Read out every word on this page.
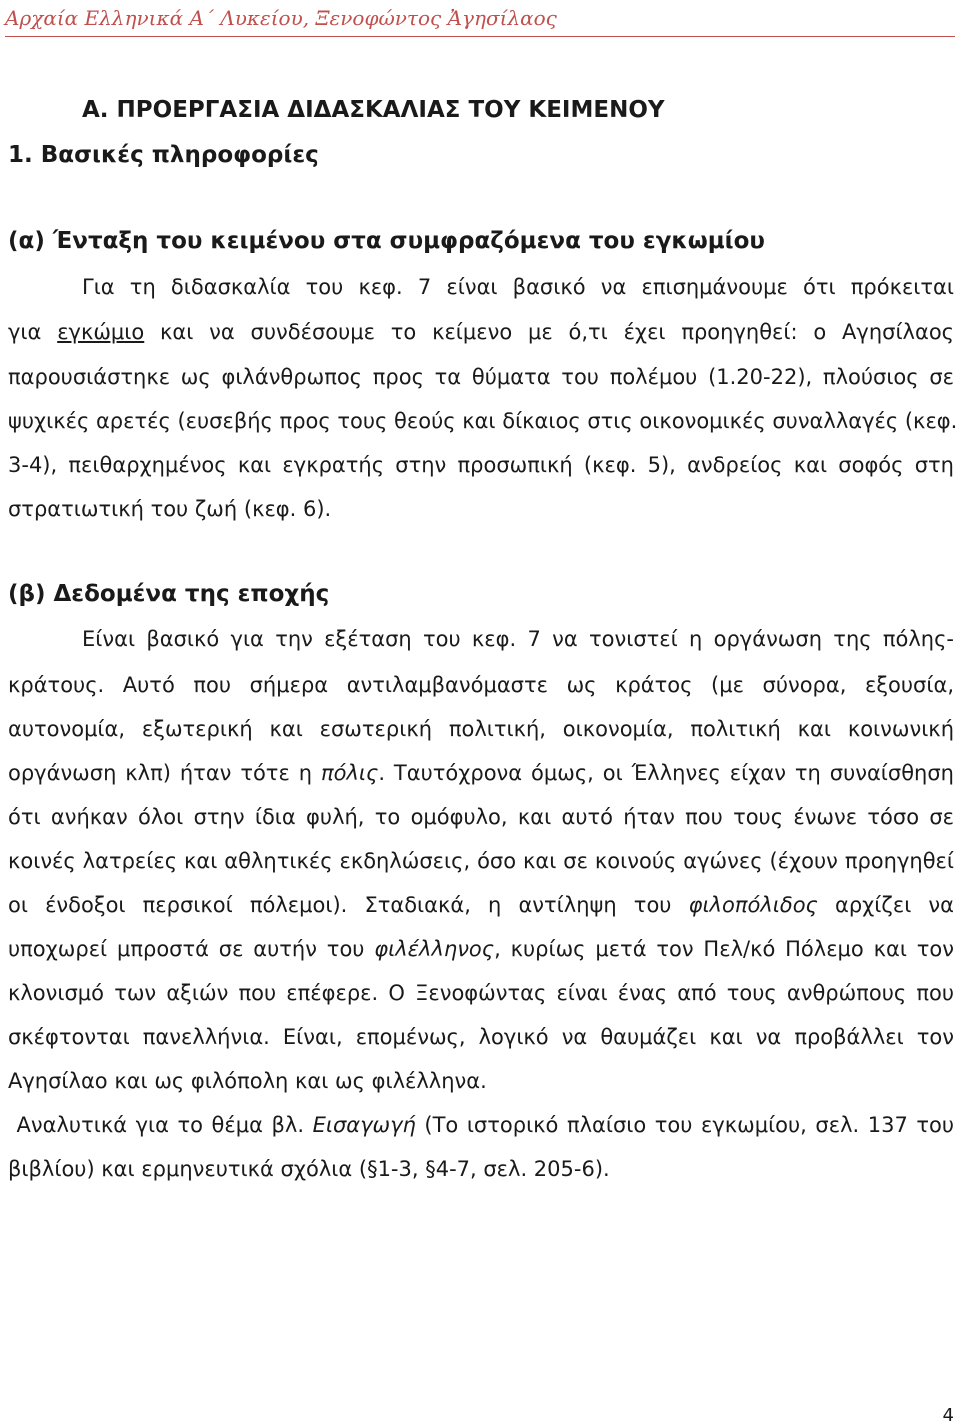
Αρχαία Ελληνικά Α΄ Λυκείου, Ξενοφώντος Ἀγησίλαος
Α. ΠΡΟΕΡΓΑΣΙΑ ΔΙΔΑΣΚΑΛΙΑΣ ΤΟΥ ΚΕΙΜΕΝΟΥ
1. Βασικές πληροφορίες
(α) Ένταξη του κειμένου στα συμφραζόμενα του εγκωμίου
Για τη διδασκαλία του κεφ. 7 είναι βασικό να επισημάνουμε ότι πρόκειται
για εγκώμιο και να συνδέσουμε το κείμενο με ό,τι έχει προηγηθεί: ο Αγησίλαος
παρουσιάστηκε ως φιλάνθρωπος προς τα θύματα του πολέμου (1.20-22), πλούσιος σε
ψυχικές αρετές (ευσεβής προς τους θεούς και δίκαιος στις οικονομικές συναλλαγές (κεφ.
3-4), πειθαρχημένος και εγκρατής στην προσωπική (κεφ. 5), ανδρείος και σοφός στη
στρατιωτική του ζωή (κεφ. 6).
(β) Δεδομένα της εποχής
Είναι βασικό για την εξέταση του κεφ. 7 να τονιστεί η οργάνωση της πόλης-
κράτους. Αυτό που σήμερα αντιλαμβανόμαστε ως κράτος (με σύνορα, εξουσία,
αυτονομία, εξωτερική και εσωτερική πολιτική, οικονομία, πολιτική και κοινωνική
οργάνωση κλπ) ήταν τότε η πόλις. Ταυτόχρονα όμως, οι Έλληνες είχαν τη συναίσθηση
ότι ανήκαν όλοι στην ίδια φυλή, το ομόφυλο, και αυτό ήταν που τους ένωνε τόσο σε
κοινές λατρείες και αθλητικές εκδηλώσεις, όσο και σε κοινούς αγώνες (έχουν προηγηθεί
οι ένδοξοι περσικοί πόλεμοι). Σταδιακά, η αντίληψη του φιλοπόλιδος αρχίζει να
υποχωρεί μπροστά σε αυτήν του φιλέλληνος, κυρίως μετά τον Πελ/κό Πόλεμο και τον
κλονισμό των αξιών που επέφερε. Ο Ξενοφώντας είναι ένας από τους ανθρώπους που
σκέφτονται πανελλήνια. Είναι, επομένως, λογικό να θαυμάζει και να προβάλλει τον
Αγησίλαο και ως φιλόπολη και ως φιλέλληνα.
Αναλυτικά για το θέμα βλ. Εισαγωγή (Το ιστορικό πλαίσιο του εγκωμίου, σελ. 137 του
βιβλίου) και ερμηνευτικά σχόλια (§1-3, §4-7, σελ. 205-6).
4
